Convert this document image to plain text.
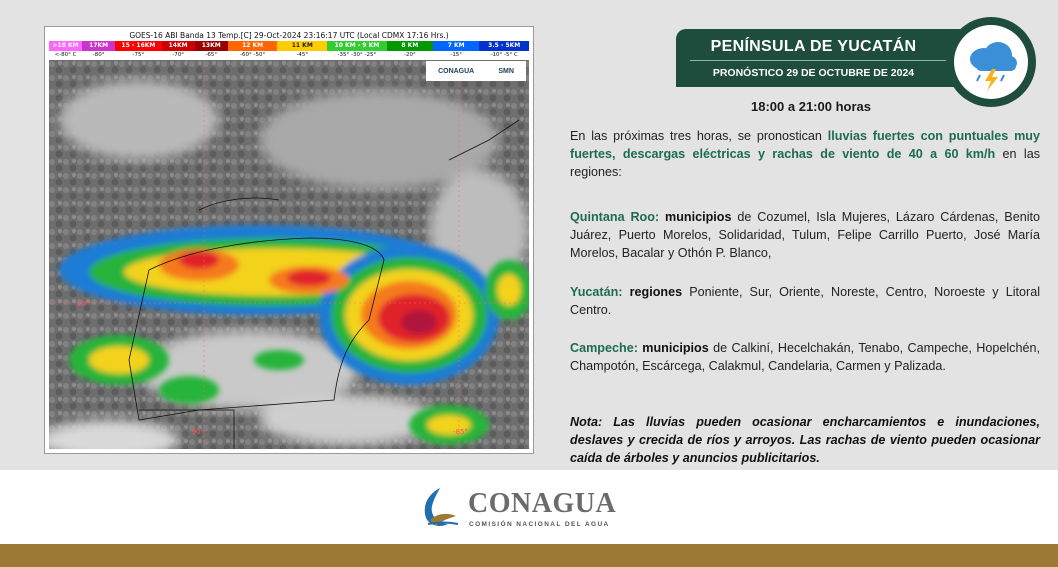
GOES-16 ABI Banda 13 Temp.[C] 29-Oct-2024 23:16:17 UTC (Local CDMX 17:16 Hrs.)
>18 KM	17KM	15 - 16KM	14KM	13KM	12 KM	11 KM	10 KM - 9 KM	8 KM	7 KM	3.5 - 5KM
<-80° C	-80°	-75°	-70°	-65°	-60° -50°	-45°	-35° -30° -25°	-20°	-15°	-10° -5° C
20°
-90°	-85°
CONAGUA	SMN
PENÍNSULA DE YUCATÁN
PRONÓSTICO 29 DE OCTUBRE DE 2024
18:00 a 21:00 horas
En las próximas tres horas, se pronostican lluvias fuertes con puntuales muy fuertes, descargas eléctricas y rachas de viento de 40 a 60 km/h en las regiones:
Quintana Roo: municipios de Cozumel, Isla Mujeres, Lázaro Cárdenas, Benito Juárez, Puerto Morelos, Solidaridad, Tulum, Felipe Carrillo Puerto, José María Morelos, Bacalar y Othón P. Blanco,
Yucatán: regiones Poniente, Sur, Oriente, Noreste, Centro, Noroeste y Litoral Centro.
Campeche: municipios de Calkiní, Hecelchakán, Tenabo, Campeche, Hopelchén, Champotón, Escárcega, Calakmul, Candelaria, Carmen y Palizada.
Nota: Las lluvias pueden ocasionar encharcamientos e inundaciones, deslaves y crecida de ríos y arroyos. Las rachas de viento pueden ocasionar caída de árboles y anuncios publicitarios.
CONAGUA
COMISIÓN NACIONAL DEL AGUA
